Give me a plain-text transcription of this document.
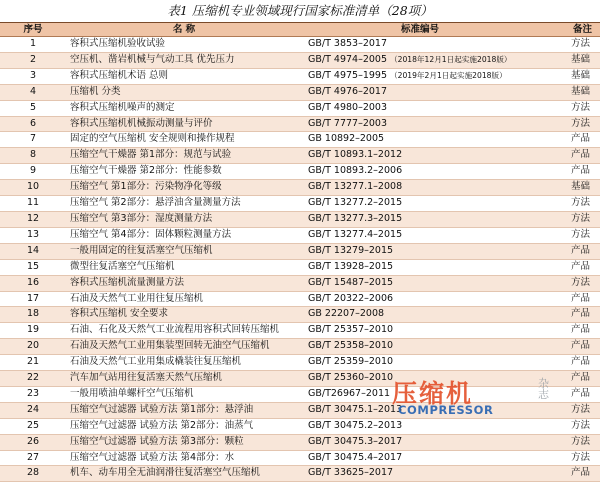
表1 压缩机专业领域现行国家标准清单（28项）
序号	名 称	标准编号	备注
1	容积式压缩机验收试验	GB/T 3853–2017	方法
2	空压机、凿岩机械与气动工具 优先压力	GB/T 4974–2005 （2018年12月1日起实施2018版）	基础
3	容积式压缩机术语 总则	GB/T 4975–1995 （2019年2月1日起实施2018版）	基础
4	压缩机 分类	GB/T 4976–2017	基础
5	容积式压缩机噪声的测定	GB/T 4980–2003	方法
6	容积式压缩机机械振动测量与评价	GB/T 7777–2003	方法
7	固定的空气压缩机 安全规则和操作规程	GB 10892–2005	产品
8	压缩空气干燥器 第1部分：规范与试验	GB/T 10893.1–2012	产品
9	压缩空气干燥器 第2部分：性能参数	GB/T 10893.2–2006	产品
10	压缩空气 第1部分：污染物净化等级	GB/T 13277.1–2008	基础
11	压缩空气 第2部分：悬浮油含量测量方法	GB/T 13277.2–2015	方法
12	压缩空气 第3部分：湿度测量方法	GB/T 13277.3–2015	方法
13	压缩空气 第4部分：固体颗粒测量方法	GB/T 13277.4–2015	方法
14	一般用固定的往复活塞空气压缩机	GB/T 13279–2015	产品
15	微型往复活塞空气压缩机	GB/T 13928–2015	产品
16	容积式压缩机流量测量方法	GB/T 15487–2015	方法
17	石油及天然气工业用往复压缩机	GB/T 20322–2006	产品
18	容积式压缩机 安全要求	GB 22207–2008	产品
19	石油、石化及天然气工业流程用容积式回转压缩机	GB/T 25357–2010	产品
20	石油及天然气工业用集装型回转无油空气压缩机	GB/T 25358–2010	产品
21	石油及天然气工业用集成橇装往复压缩机	GB/T 25359–2010	产品
22	汽车加气站用往复活塞天然气压缩机	GB/T 25360–2010	产品
23	一般用喷油单螺杆空气压缩机	GB/T26967–2011	产品
24	压缩空气过滤器 试验方法 第1部分：悬浮油	GB/T 30475.1–2013	方法
25	压缩空气过滤器 试验方法 第2部分：油蒸气	GB/T 30475.2–2013	方法
26	压缩空气过滤器 试验方法 第3部分：颗粒	GB/T 30475.3–2017	方法
27	压缩空气过滤器 试验方法 第4部分：水	GB/T 30475.4–2017	方法
28	机车、动车用全无油润滑往复活塞空气压缩机	GB/T 33625–2017	产品
压缩机	杂志
COMPRESSOR
